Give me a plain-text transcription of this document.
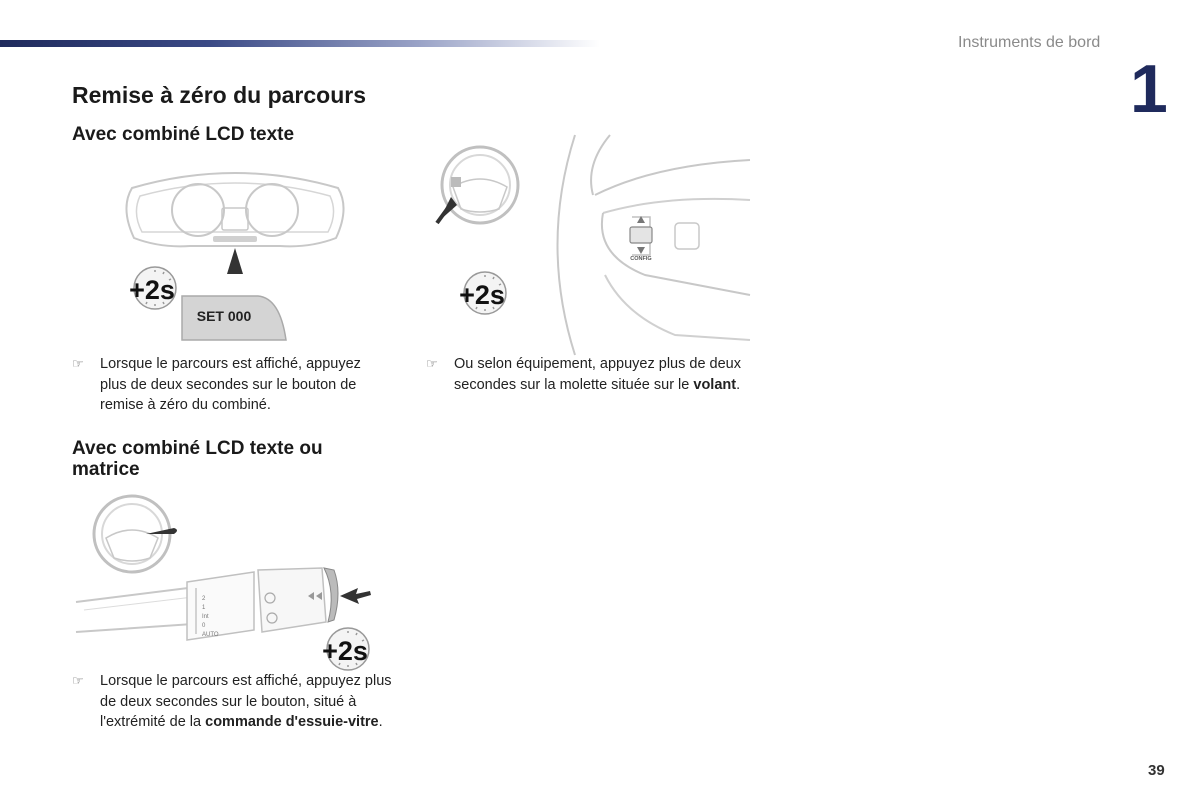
Instruments de bord
1
Remise à zéro du parcours
Avec combiné LCD texte
+2s
SET 000
☞ Lorsque le parcours est affiché, appuyez plus de deux secondes sur le bouton de remise à zéro du combiné.
CONFIG
+2s
☞ Ou selon équipement, appuyez plus de deux secondes sur la molette située sur le volant.
Avec combiné LCD texte ou matrice
2
1
Int
0
AUTO
+2s
☞ Lorsque le parcours est affiché, appuyez plus de deux secondes sur le bouton, situé à l'extrémité de la commande d'essuie-vitre.
39
